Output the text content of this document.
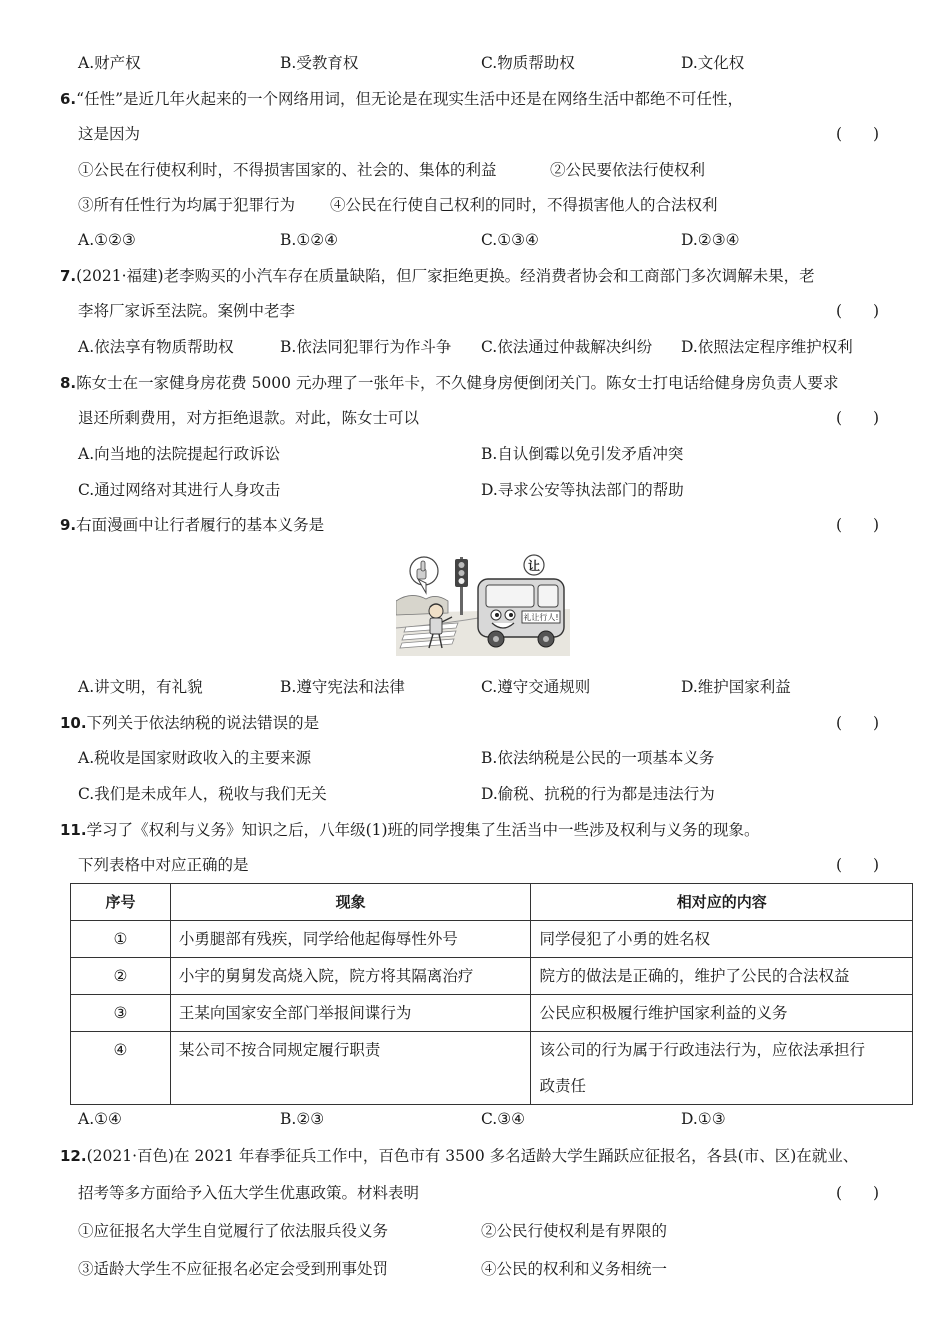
A.财产权	B.受教育权	C.物质帮助权	D.文化权
6.“任性”是近几年火起来的一个网络用词，但无论是在现实生活中还是在网络生活中都绝不可任性，
这是因为	(　　)
①公民在行使权利时，不得损害国家的、社会的、集体的利益	②公民要依法行使权利
③所有任性行为均属于犯罪行为 ④公民在行使自己权利的同时，不得损害他人的合法权利
A.①②③	B.①②④	C.①③④	D.②③④
7.(2021·福建)老李购买的小汽车存在质量缺陷，但厂家拒绝更换。经消费者协会和工商部门多次调解未果，老
李将厂家诉至法院。案例中老李	(　　)
A.依法享有物质帮助权	B.依法同犯罪行为作斗争 C.依法通过仲裁解决纠纷 D.依照法定程序维护权利
8.陈女士在一家健身房花费 5000 元办理了一张年卡，不久健身房便倒闭关门。陈女士打电话给健身房负责人要求
退还所剩费用，对方拒绝退款。对此，陈女士可以	(　　)
A.向当地的法院提起行政诉讼	B.自认倒霉以免引发矛盾冲突
C.通过网络对其进行人身攻击	D.寻求公安等执法部门的帮助
9.右面漫画中让行者履行的基本义务是	(　　)
让
礼让行人!
A.讲文明，有礼貌	B.遵守宪法和法律	C.遵守交通规则	D.维护国家利益
10.下列关于依法纳税的说法错误的是	(　　)
A.税收是国家财政收入的主要来源	B.依法纳税是公民的一项基本义务
C.我们是未成年人，税收与我们无关	D.偷税、抗税的行为都是违法行为
11.学习了《权利与义务》知识之后，八年级(1)班的同学搜集了生活当中一些涉及权利与义务的现象。
下列表格中对应正确的是	(　　)
序号	现象	相对应的内容
①	小勇腿部有残疾，同学给他起侮辱性外号	同学侵犯了小勇的姓名权
②	小宇的舅舅发高烧入院，院方将其隔离治疗	院方的做法是正确的，维护了公民的合法权益
③	王某向国家安全部门举报间谍行为	公民应积极履行维护国家利益的义务
④	某公司不按合同规定履行职责	该公司的行为属于行政违法行为，应依法承担行
政责任
A.①④	B.②③	C.③④	D.①③
12.(2021·百色)在 2021 年春季征兵工作中，百色市有 3500 多名适龄大学生踊跃应征报名，各县(市、区)在就业、
招考等多方面给予入伍大学生优惠政策。材料表明	(　　)
①应征报名大学生自觉履行了依法服兵役义务	②公民行使权利是有界限的
③适龄大学生不应征报名必定会受到刑事处罚	④公民的权利和义务相统一
